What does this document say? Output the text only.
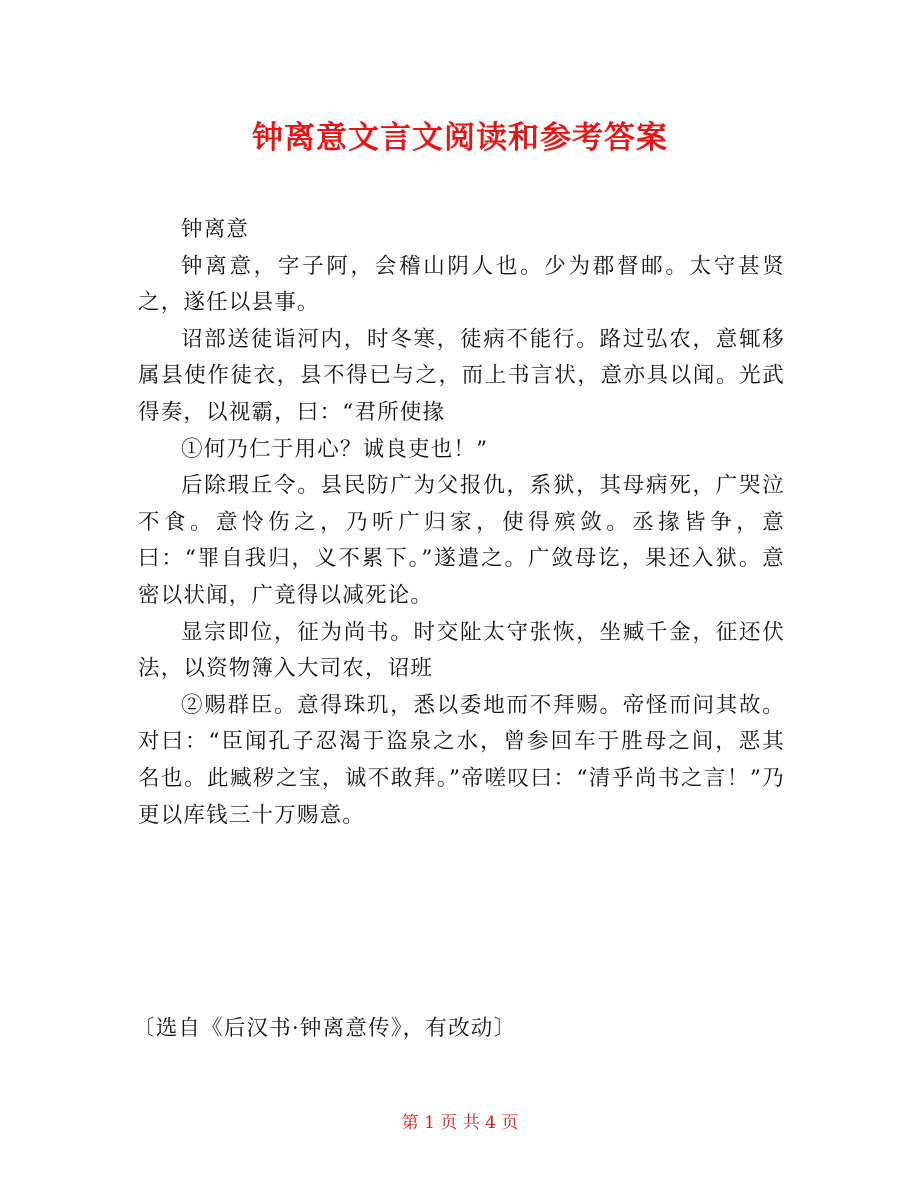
钟离意文言文阅读和参考答案

钟离意

钟离意，字子阿，会稽山阴人也。少为郡督邮。太守甚贤之，遂任以县事。

诏部送徒诣河内，时冬寒，徒病不能行。路过弘农，意辄移属县使作徒衣，县不得已与之，而上书言状，意亦具以闻。光武得奏，以视霸，曰：“君所使掾

①何乃仁于用心？诚良吏也！”

后除瑕丘令。县民防广为父报仇，系狱，其母病死，广哭泣不食。意怜伤之，乃听广归家，使得殡敛。丞掾皆争，意曰：“罪自我归，义不累下。”遂遣之。广敛母讫，果还入狱。意密以状闻，广竟得以减死论。

显宗即位，征为尚书。时交阯太守张恢，坐臧千金，征还伏法，以资物簿入大司农，诏班

②赐群臣。意得珠玑，悉以委地而不拜赐。帝怪而问其故。对曰：“臣闻孔子忍渴于盗泉之水，曾参回车于胜母之间，恶其名也。此臧秽之宝，诚不敢拜。”帝嗟叹曰：“清乎尚书之言！”乃更以库钱三十万赐意。

第 1 页 共 4 页
〔选自《后汉书·钟离意传》，有改动〕
